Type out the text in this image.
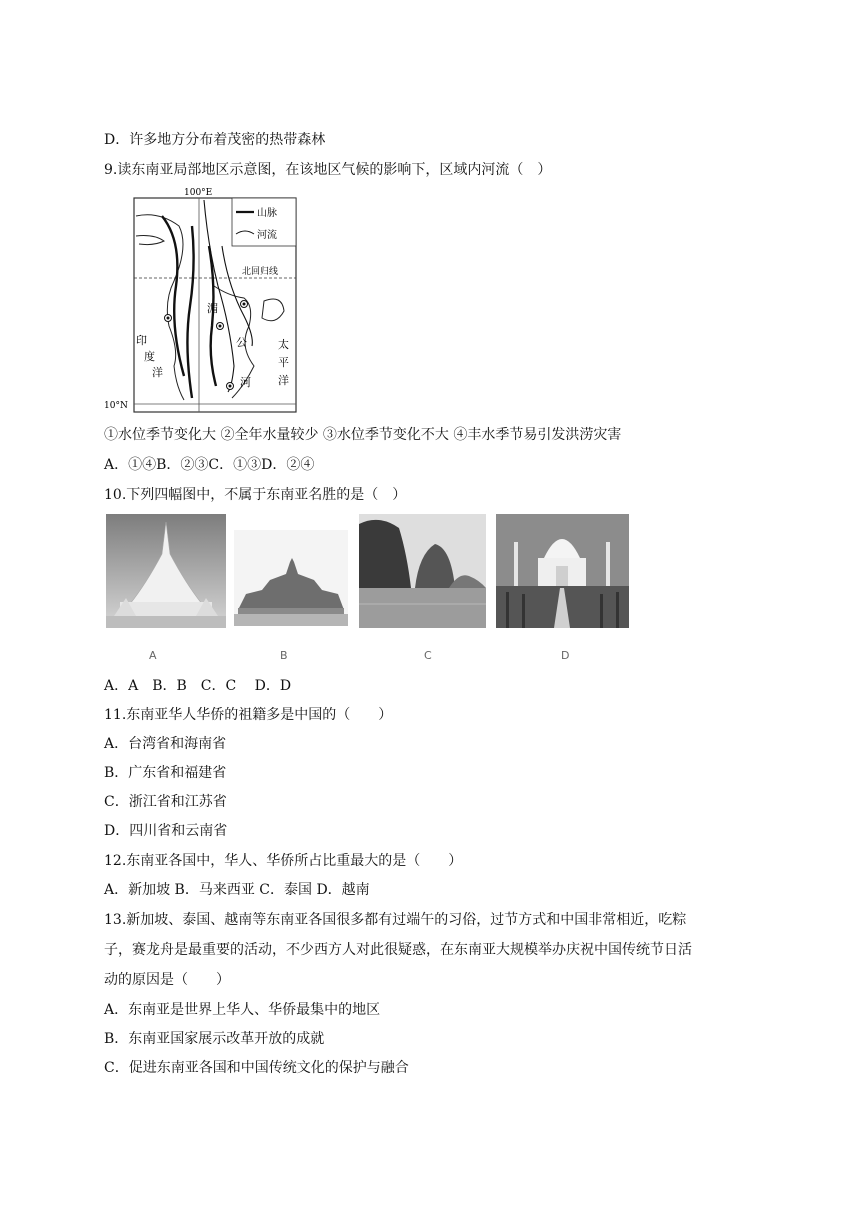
D．许多地方分布着茂密的热带森林
9.读东南亚局部地区示意图，在该地区气候的影响下，区域内河流（　）
100°E
10°N
北回归线
山脉
河流
印
度
洋
湄
公
河
太
平
洋
①水位季节变化大 ②全年水量较少 ③水位季节变化不大 ④丰水季节易引发洪涝灾害
A．①④B．②③C．①③D．②④
10.下列四幅图中，不属于东南亚名胜的是（　）
A	B	C	D
A．A　B．B　C．C　 D．D
11.东南亚华人华侨的祖籍多是中国的（　　）
A．台湾省和海南省
B．广东省和福建省
C．浙江省和江苏省
D．四川省和云南省
12.东南亚各国中，华人、华侨所占比重最大的是（　　）
A．新加坡 B．马来西亚 C．泰国 D．越南
13.新加坡、泰国、越南等东南亚各国很多都有过端午的习俗，过节方式和中国非常相近，吃粽
子，赛龙舟是最重要的活动，不少西方人对此很疑惑，在东南亚大规模举办庆祝中国传统节日活
动的原因是（　　）
A．东南亚是世界上华人、华侨最集中的地区
B．东南亚国家展示改革开放的成就
C．促进东南亚各国和中国传统文化的保护与融合
